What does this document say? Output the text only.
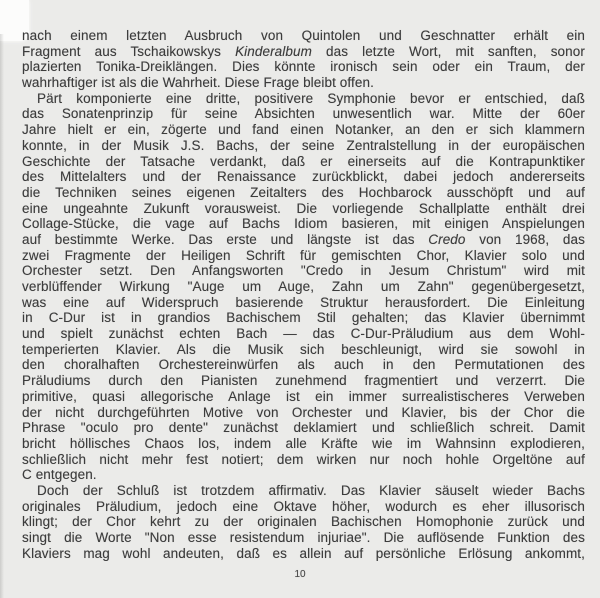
nach einem letzten Ausbruch von Quintolen und Geschnatter erhält ein
Fragment aus Tschaikowskys Kinderalbum das letzte Wort, mit sanften, sonor
plazierten Tonika-Dreiklängen. Dies könnte ironisch sein oder ein Traum, der
wahrhaftiger ist als die Wahrheit. Diese Frage bleibt offen.
Pärt komponierte eine dritte, positivere Symphonie bevor er entschied, daß
das Sonatenprinzip für seine Absichten unwesentlich war. Mitte der 60er
Jahre hielt er ein, zögerte und fand einen Notanker, an den er sich klammern
konnte, in der Musik J.S. Bachs, der seine Zentralstellung in der europäischen
Geschichte der Tatsache verdankt, daß er einerseits auf die Kontrapunktiker
des Mittelalters und der Renaissance zurückblickt, dabei jedoch andererseits
die Techniken seines eigenen Zeitalters des Hochbarock ausschöpft und auf
eine ungeahnte Zukunft vorausweist. Die vorliegende Schallplatte enthält drei
Collage-Stücke, die vage auf Bachs Idiom basieren, mit einigen Anspielungen
auf bestimmte Werke. Das erste und längste ist das Credo von 1968, das
zwei Fragmente der Heiligen Schrift für gemischten Chor, Klavier solo und
Orchester setzt. Den Anfangsworten "Credo in Jesum Christum" wird mit
verblüffender Wirkung "Auge um Auge, Zahn um Zahn" gegenübergesetzt,
was eine auf Widerspruch basierende Struktur herausfordert. Die Einleitung
in C-Dur ist in grandios Bachischem Stil gehalten; das Klavier übernimmt
und spielt zunächst echten Bach — das C-Dur-Präludium aus dem Wohl-
temperierten Klavier. Als die Musik sich beschleunigt, wird sie sowohl in
den choralhaften Orchestereinwürfen als auch in den Permutationen des
Präludiums durch den Pianisten zunehmend fragmentiert und verzerrt. Die
primitive, quasi allegorische Anlage ist ein immer surrealistischeres Verweben
der nicht durchgeführten Motive von Orchester und Klavier, bis der Chor die
Phrase "oculo pro dente" zunächst deklamiert und schließlich schreit. Damit
bricht höllisches Chaos los, indem alle Kräfte wie im Wahnsinn explodieren,
schließlich nicht mehr fest notiert; dem wirken nur noch hohle Orgeltöne auf
C entgegen.
Doch der Schluß ist trotzdem affirmativ. Das Klavier säuselt wieder Bachs
originales Präludium, jedoch eine Oktave höher, wodurch es eher illusorisch
klingt; der Chor kehrt zu der originalen Bachischen Homophonie zurück und
singt die Worte "Non esse resistendum injuriae". Die auflösende Funktion des
Klaviers mag wohl andeuten, daß es allein auf persönliche Erlösung ankommt,
10
